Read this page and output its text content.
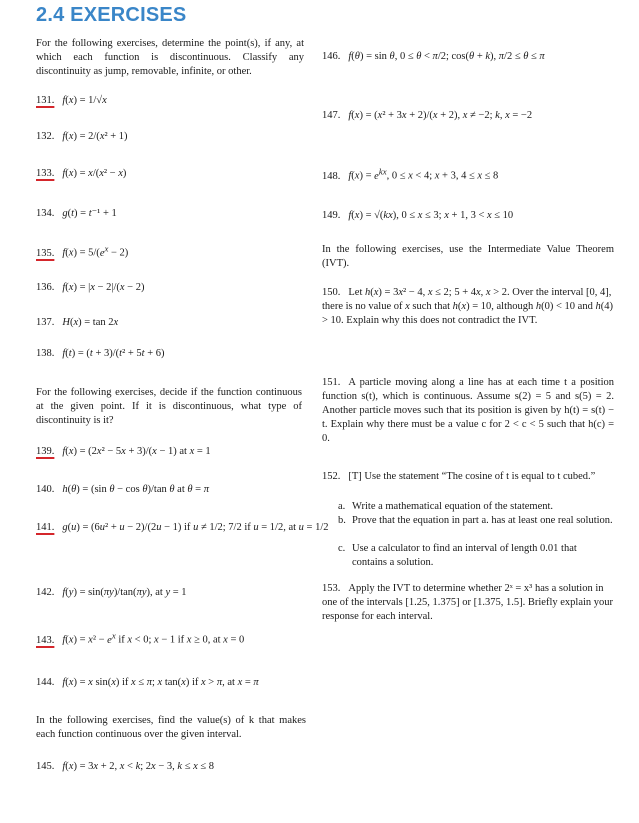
2.4 EXERCISES
For the following exercises, determine the point(s), if any, at which each function is discontinuous. Classify any discontinuity as jump, removable, infinite, or other.
131. f(x) = 1/√x
132. f(x) = 2/(x² + 1)
133. f(x) = x/(x² − x)
134. g(t) = t⁻¹ + 1
135. $f(x) = 5/(e^x - 2)$
136. f(x) = |x − 2|/(x − 2)
137. H(x) = tan 2x
138. f(t) = (t + 3)/(t² + 5t + 6)
For the following exercises, decide if the function continuous at the given point. If it is discontinuous, what type of discontinuity is it?
139. f(x) = (2x² − 5x + 3)/(x − 1) at x = 1
140. h(θ) = (sin θ − cos θ)/tan θ at θ = π
141. g(u) = (6u² + u − 2)/(2u − 1) if u ≠ 1/2; 7/2 if u = 1/2, at u = 1/2
142. f(y) = sin(πy)/tan(πy), at y = 1
143. $f(x) = x^2 - e^x$ if x < 0; x − 1 if x ≥ 0, at x = 0
144. f(x) = x sin(x) if x ≤ π; x tan(x) if x > π, at x = π
In the following exercises, find the value(s) of k that makes each function continuous over the given interval.
145. f(x) = 3x + 2, x < k; 2x − 3, k ≤ x ≤ 8
146. f(θ) = sin θ, 0 ≤ θ < π/2; cos(θ + k), π/2 ≤ θ ≤ π
147. f(x) = (x² + 3x + 2)/(x + 2), x ≠ −2; k, x = −2
148. $f(x) = e^{kx}$, 0 ≤ x < 4; x + 3, 4 ≤ x ≤ 8
149. f(x) = √(kx), 0 ≤ x ≤ 3; x + 1, 3 < x ≤ 10
In the following exercises, use the Intermediate Value Theorem (IVT).
150. Let h(x) = 3x² − 4, x ≤ 2; 5 + 4x, x > 2. Over the interval [0, 4], there is no value of x such that h(x) = 10, although h(0) < 10 and h(4) > 10. Explain why this does not contradict the IVT.
151. A particle moving along a line has at each time t a position function s(t), which is continuous. Assume s(2) = 5 and s(5) = 2. Another particle moves such that its position is given by h(t) = s(t) − t. Explain why there must be a value c for 2 < c < 5 such that h(c) = 0.
152. [T] Use the statement “The cosine of t is equal to t cubed.”
a. Write a mathematical equation of the statement.
b. Prove that the equation in part a. has at least one real solution.
c. Use a calculator to find an interval of length 0.01 that contains a solution.
153. Apply the IVT to determine whether 2ˣ = x³ has a solution in one of the intervals [1.25, 1.375] or [1.375, 1.5]. Briefly explain your response for each interval.
